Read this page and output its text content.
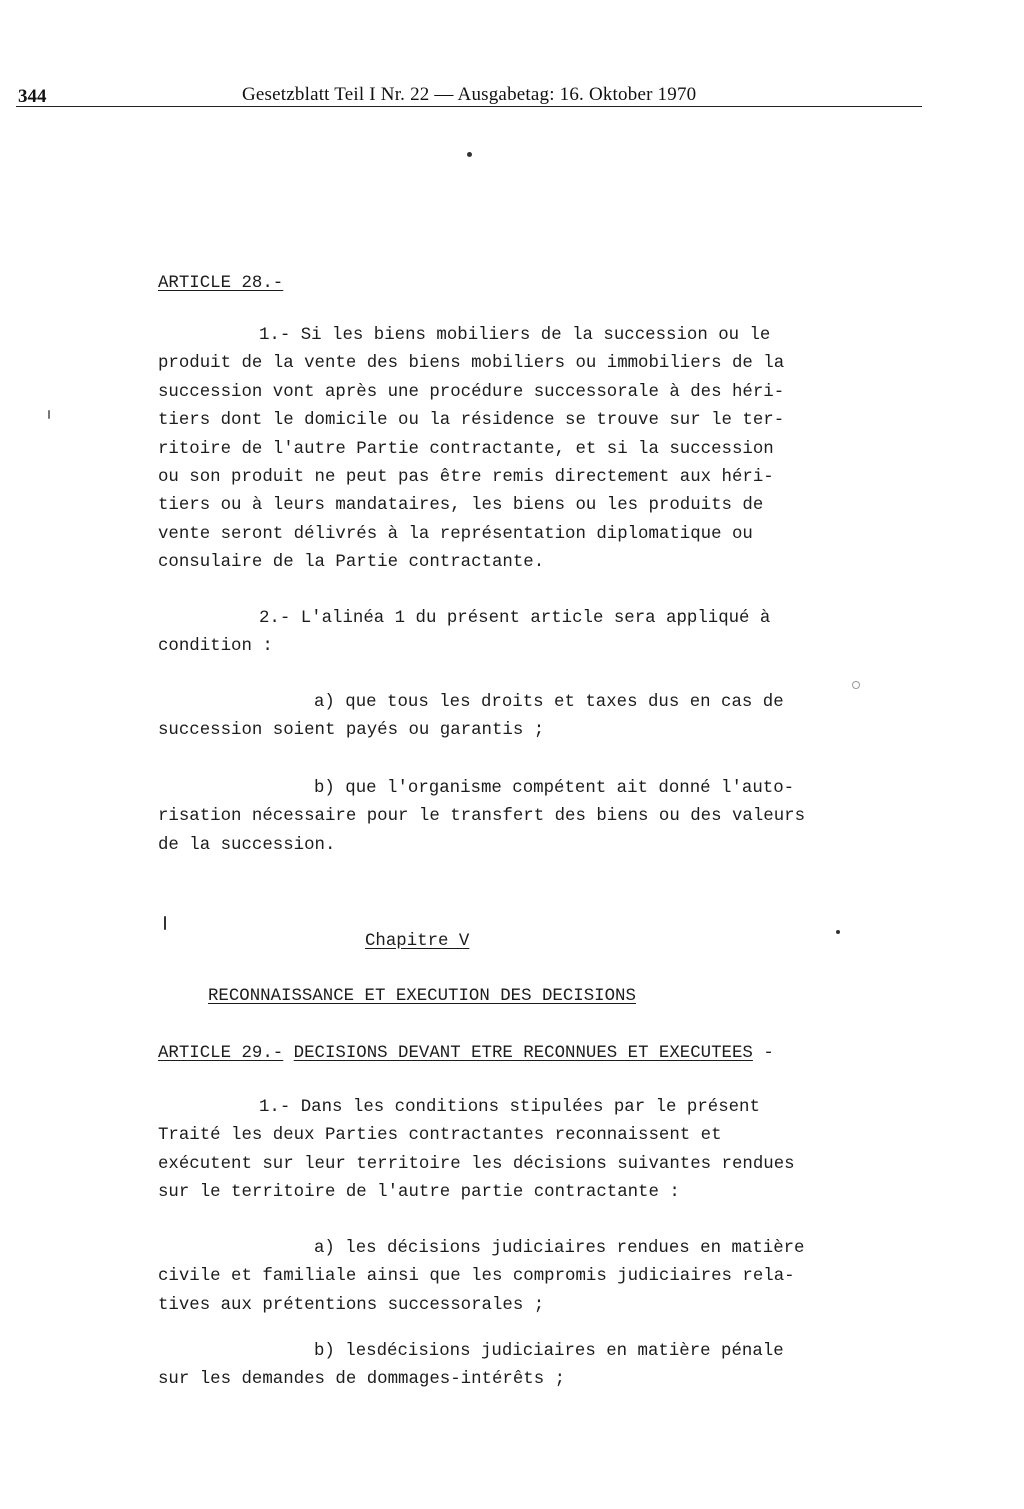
344	Gesetzblatt Teil I Nr. 22 — Ausgabetag: 16. Oktober 1970
ARTICLE 28.-
1.- Si les biens mobiliers de la succession ou le
produit de la vente des biens mobiliers ou immobiliers de la
succession vont après une procédure successorale à des héri-
tiers dont le domicile ou la résidence se trouve sur le ter-
ritoire de l'autre Partie contractante, et si la succession
ou son produit ne peut pas être remis directement aux héri-
tiers ou à leurs mandataires, les biens ou les produits de
vente seront délivrés à la représentation diplomatique ou
consulaire de la Partie contractante.
2.- L'alinéa 1 du présent article sera appliqué à
condition :
a) que tous les droits et taxes dus en cas de
succession soient payés ou garantis ;
b) que l'organisme compétent ait donné l'auto-
risation nécessaire pour le transfert des biens ou des valeurs
de la succession.
Chapitre V
RECONNAISSANCE ET EXECUTION DES DECISIONS
ARTICLE 29.- DECISIONS DEVANT ETRE RECONNUES ET EXECUTEES -
1.- Dans les conditions stipulées par le présent
Traité les deux Parties contractantes reconnaissent et
exécutent sur leur territoire les décisions suivantes rendues
sur le territoire de l'autre partie contractante :
a) les décisions judiciaires rendues en matière
civile et familiale ainsi que les compromis judiciaires rela-
tives aux prétentions successorales ;
b) lesdécisions judiciaires en matière pénale
sur les demandes de dommages-intérêts ;
